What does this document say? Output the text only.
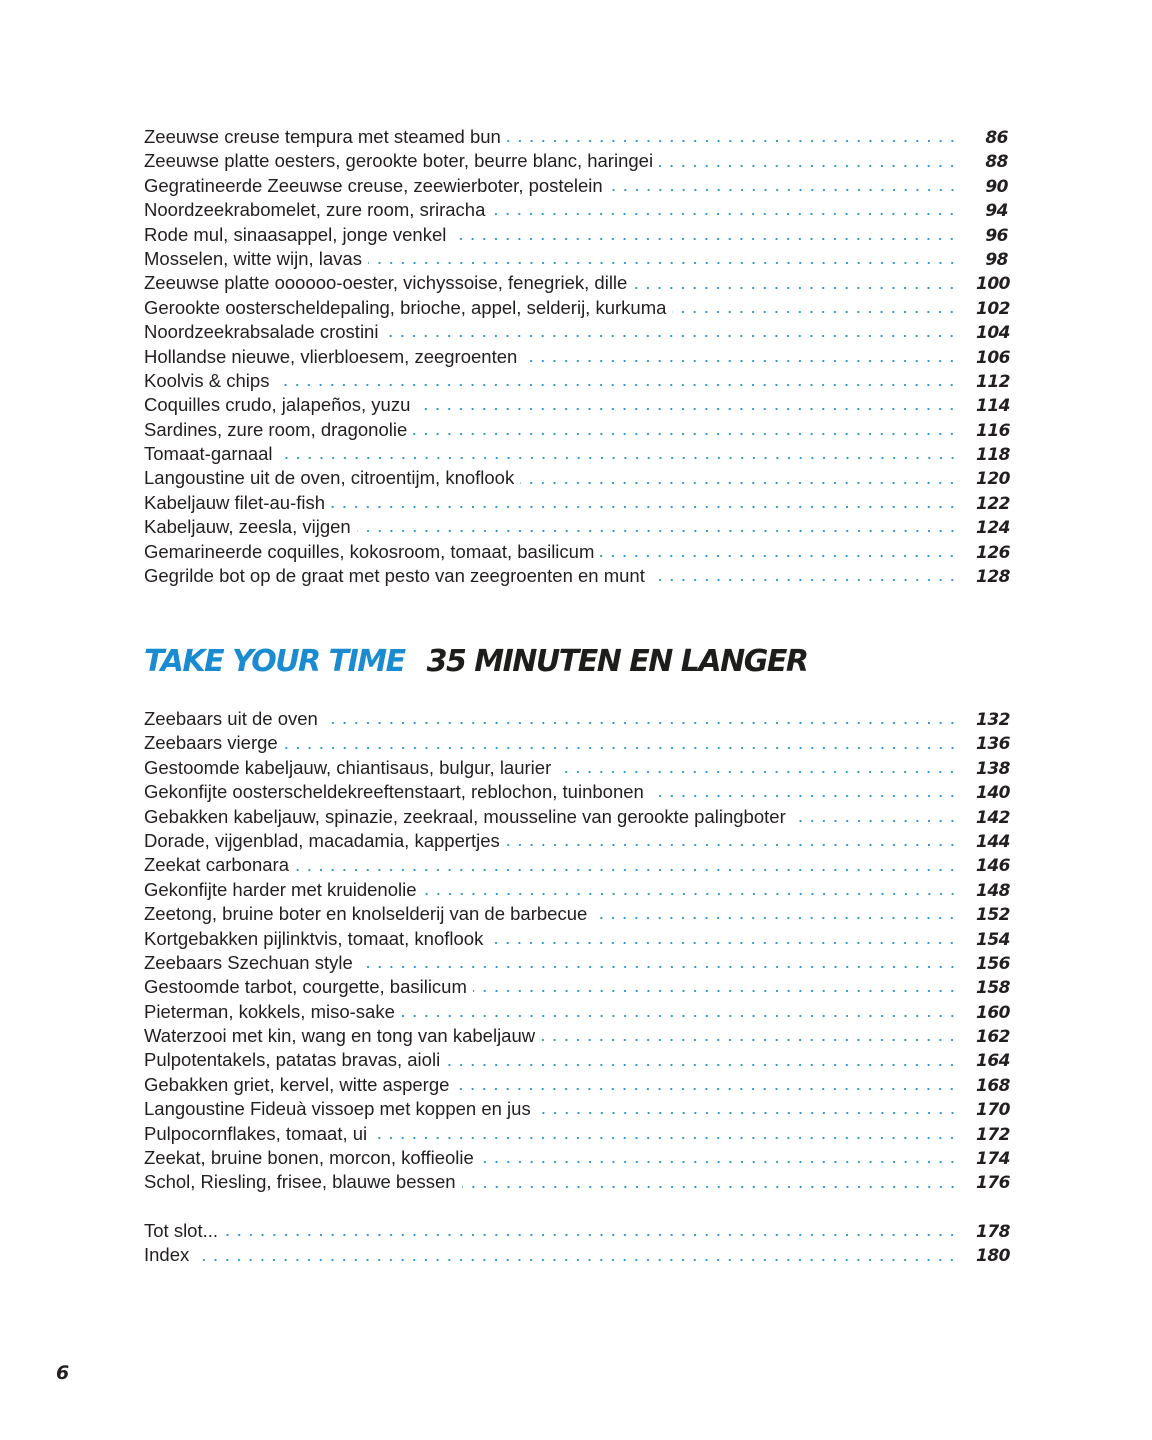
Zeeuwse creuse tempura met steamed bun	86
Zeeuwse platte oesters, gerookte boter, beurre blanc, haringei	88
Gegratineerde Zeeuwse creuse, zeewierboter, postelein	90
Noordzeekrabomelet, zure room, sriracha	94
Rode mul, sinaasappel, jonge venkel	96
Mosselen, witte wijn, lavas	98
Zeeuwse platte oooooo-oester, vichyssoise, fenegriek, dille	100
Gerookte oosterscheldepaling, brioche, appel, selderij, kurkuma	102
Noordzeekrabsalade crostini	104
Hollandse nieuwe, vlierbloesem, zeegroenten	106
Koolvis & chips	112
Coquilles crudo, jalapeños, yuzu	114
Sardines, zure room, dragonolie	116
Tomaat-garnaal	118
Langoustine uit de oven, citroentijm, knoflook	120
Kabeljauw filet-au-fish	122
Kabeljauw, zeesla, vijgen	124
Gemarineerde coquilles, kokosroom, tomaat, basilicum	126
Gegrilde bot op de graat met pesto van zeegroenten en munt	128
TAKE YOUR TIME 35 MINUTEN EN LANGER
Zeebaars uit de oven	132
Zeebaars vierge	136
Gestoomde kabeljauw, chiantisaus, bulgur, laurier	138
Gekonfijte oosterscheldekreeftenstaart, reblochon, tuinbonen	140
Gebakken kabeljauw, spinazie, zeekraal, mousseline van gerookte palingboter	142
Dorade, vijgenblad, macadamia, kappertjes	144
Zeekat carbonara	146
Gekonfijte harder met kruidenolie	148
Zeetong, bruine boter en knolselderij van de barbecue	152
Kortgebakken pijlinktvis, tomaat, knoflook	154
Zeebaars Szechuan style	156
Gestoomde tarbot, courgette, basilicum	158
Pieterman, kokkels, miso-sake	160
Waterzooi met kin, wang en tong van kabeljauw	162
Pulpotentakels, patatas bravas, aioli	164
Gebakken griet, kervel, witte asperge	168
Langoustine Fideuà vissoep met koppen en jus	170
Pulpocornflakes, tomaat, ui	172
Zeekat, bruine bonen, morcon, koffieolie	174
Schol, Riesling, frisee, blauwe bessen	176
Tot slot...	178
Index	180
6
